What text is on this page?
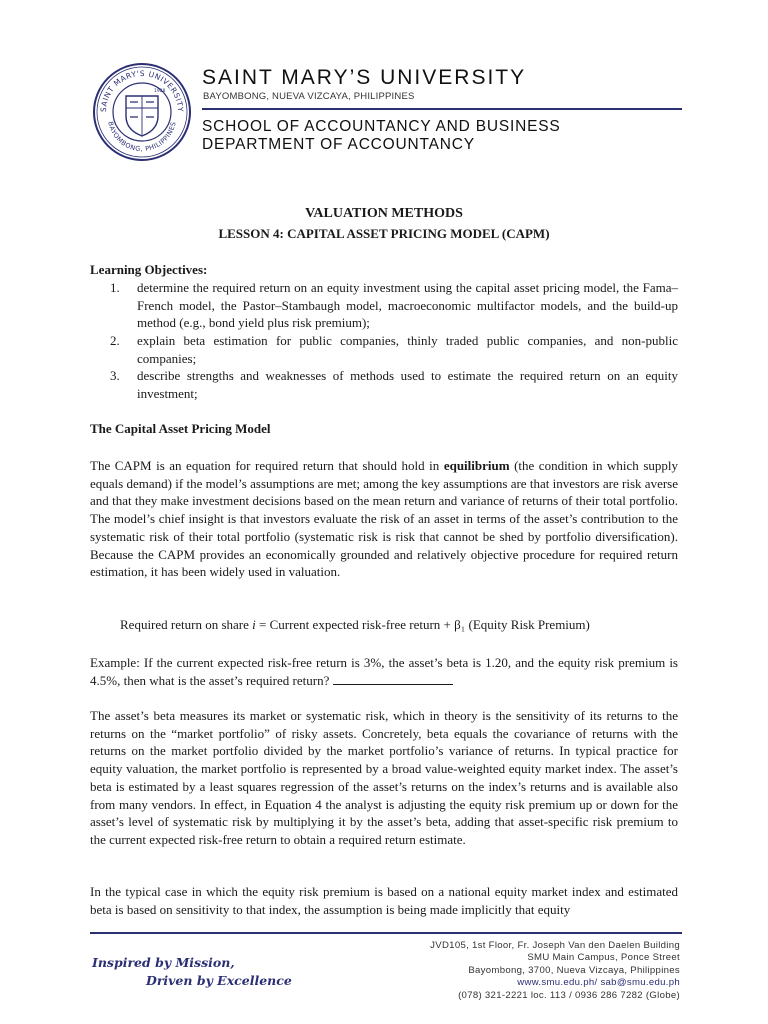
SAINT MARY'S UNIVERSITY
BAYOMBONG, PHILIPPINES
1928
SAINT MARY’S UNIVERSITY
BAYOMBONG, NUEVA VIZCAYA, PHILIPPINES
SCHOOL OF ACCOUNTANCY AND BUSINESS
DEPARTMENT OF ACCOUNTANCY
VALUATION METHODS
LESSON 4: CAPITAL ASSET PRICING MODEL (CAPM)
Learning Objectives:
1. determine the required return on an equity investment using the capital asset pricing model, the Fama–French model, the Pastor–Stambaugh model, macroeconomic multifactor models, and the build-up method (e.g., bond yield plus risk premium);
2. explain beta estimation for public companies, thinly traded public companies, and non-public companies;
3. describe strengths and weaknesses of methods used to estimate the required return on an equity investment;
The Capital Asset Pricing Model
The CAPM is an equation for required return that should hold in equilibrium (the condition in which supply equals demand) if the model’s assumptions are met; among the key assumptions are that investors are risk averse and that they make investment decisions based on the mean return and variance of returns of their total portfolio. The model’s chief insight is that investors evaluate the risk of an asset in terms of the asset’s contribution to the systematic risk of their total portfolio (systematic risk is risk that cannot be shed by portfolio diversification). Because the CAPM provides an economically grounded and relatively objective procedure for required return estimation, it has been widely used in valuation.
Required return on share i = Current expected risk-free return + β₁ (Equity Risk Premium)
Example: If the current expected risk-free return is 3%, the asset’s beta is 1.20, and the equity risk premium is 4.5%, then what is the asset’s required return?
The asset’s beta measures its market or systematic risk, which in theory is the sensitivity of its returns to the returns on the “market portfolio” of risky assets. Concretely, beta equals the covariance of returns with the returns on the market portfolio divided by the market portfolio’s variance of returns. In typical practice for equity valuation, the market portfolio is represented by a broad value-weighted equity market index. The asset’s beta is estimated by a least squares regression of the asset’s returns on the index’s returns and is available also from many vendors. In effect, in Equation 4 the analyst is adjusting the equity risk premium up or down for the asset’s level of systematic risk by multiplying it by the asset’s beta, adding that asset-specific risk premium to the current expected risk-free return to obtain a required return estimate.
In the typical case in which the equity risk premium is based on a national equity market index and estimated beta is based on sensitivity to that index, the assumption is being made implicitly that equity
Inspired by Mission,
Driven by Excellence
JVD105, 1st Floor, Fr. Joseph Van den Daelen Building
SMU Main Campus, Ponce Street
Bayombong, 3700, Nueva Vizcaya, Philippines
www.smu.edu.ph/ sab@smu.edu.ph
(078) 321-2221 loc. 113 / 0936 286 7282 (Globe)
